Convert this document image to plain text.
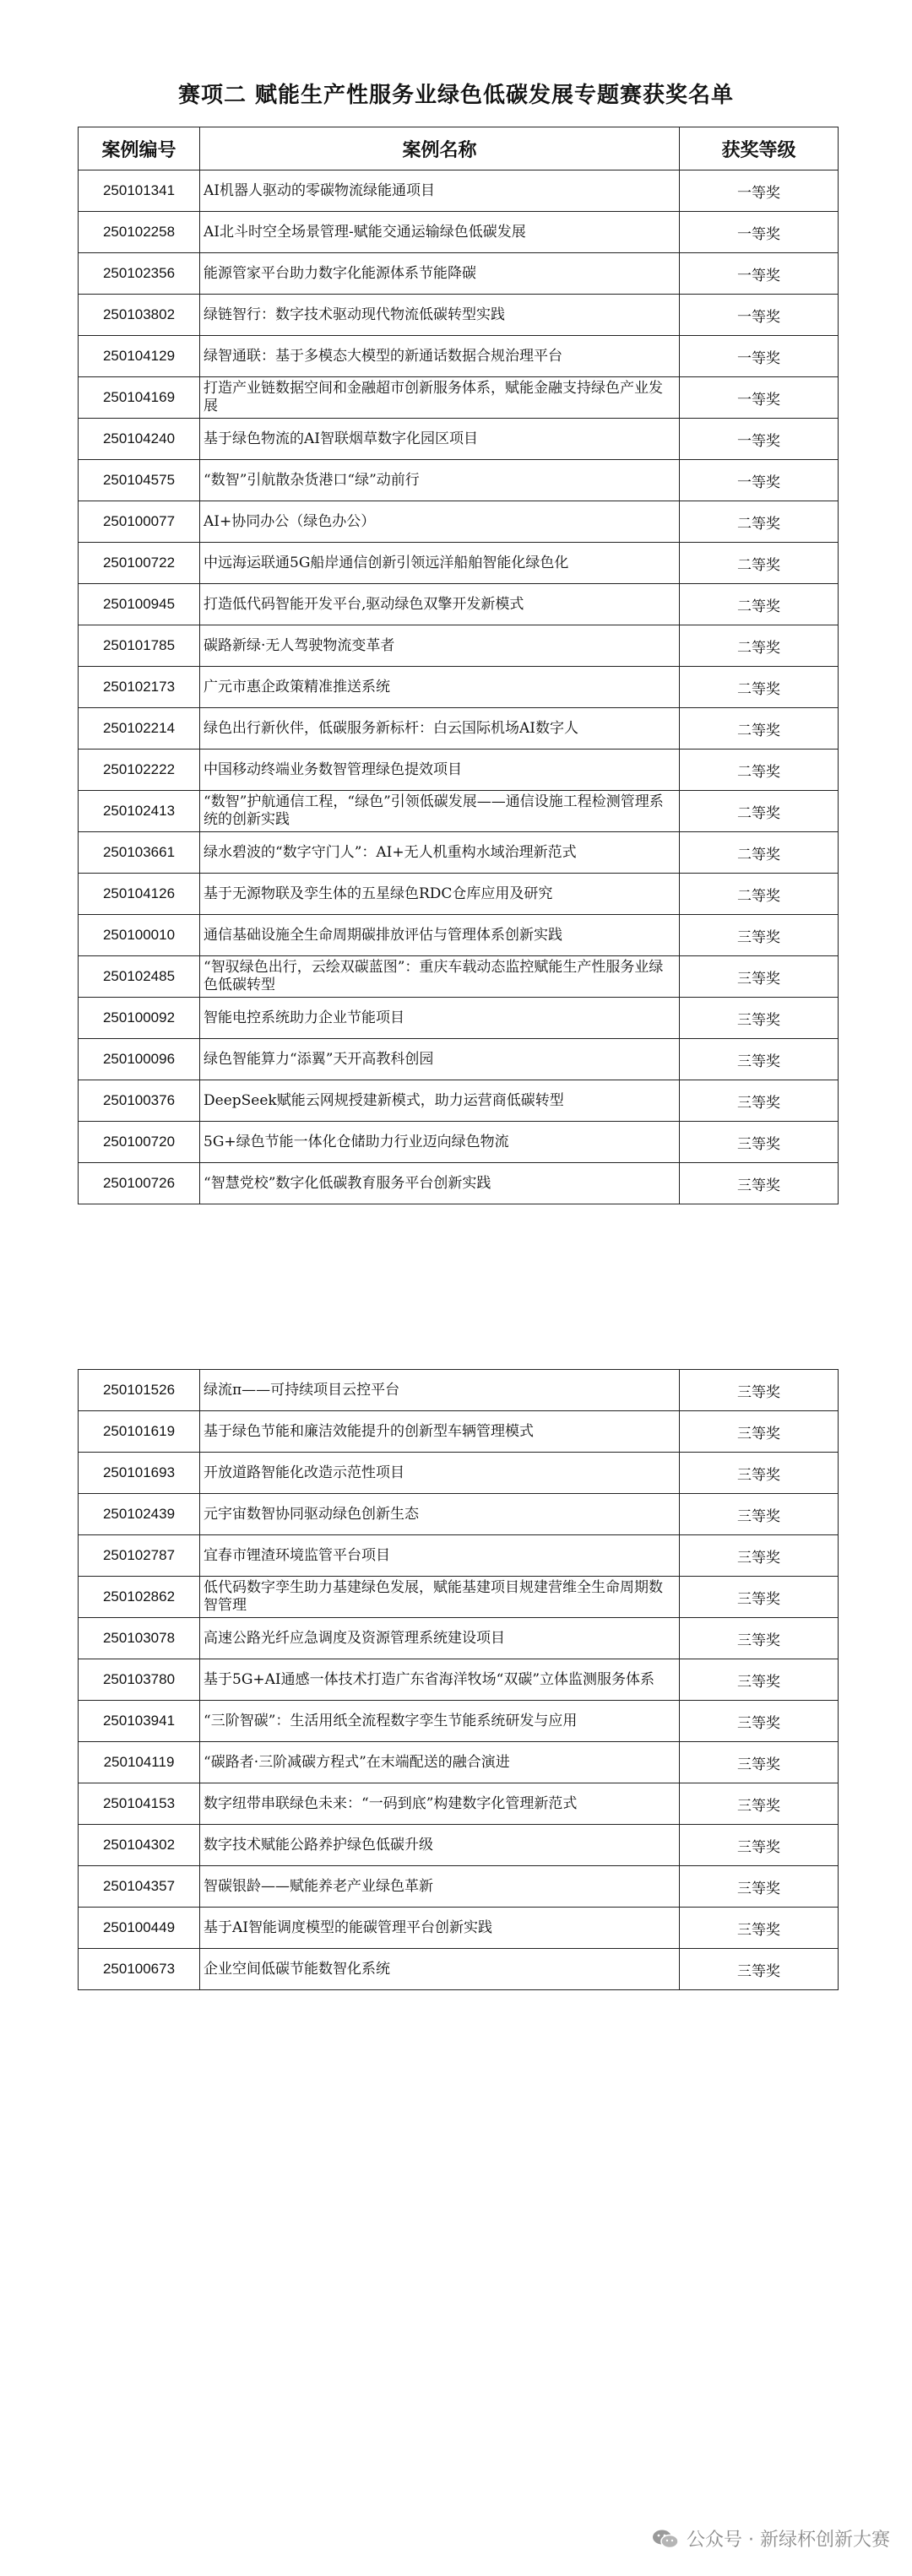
赛项二 赋能生产性服务业绿色低碳发展专题赛获奖名单
案例编号	案例名称	获奖等级
250101341	AI机器人驱动的零碳物流绿能通项目	一等奖
250102258	AI北斗时空全场景管理-赋能交通运输绿色低碳发展	一等奖
250102356	能源管家平台助力数字化能源体系节能降碳	一等奖
250103802	绿链智行：数字技术驱动现代物流低碳转型实践	一等奖
250104129	绿智通联：基于多模态大模型的新通话数据合规治理平台	一等奖
250104169	打造产业链数据空间和金融超市创新服务体系，赋能金融支持绿色产业发展	一等奖
250104240	基于绿色物流的AI智联烟草数字化园区项目	一等奖
250104575	“数智”引航散杂货港口“绿”动前行	一等奖
250100077	AI+协同办公（绿色办公）	二等奖
250100722	中远海运联通5G船岸通信创新引领远洋船舶智能化绿色化	二等奖
250100945	打造低代码智能开发平台,驱动绿色双擎开发新模式	二等奖
250101785	碳路新绿·无人驾驶物流变革者	二等奖
250102173	广元市惠企政策精准推送系统	二等奖
250102214	绿色出行新伙伴，低碳服务新标杆：白云国际机场AI数字人	二等奖
250102222	中国移动终端业务数智管理绿色提效项目	二等奖
250102413	“数智”护航通信工程，“绿色”引领低碳发展——通信设施工程检测管理系统的创新实践	二等奖
250103661	绿水碧波的“数字守门人”：AI+无人机重构水域治理新范式	二等奖
250104126	基于无源物联及孪生体的五星绿色RDC仓库应用及研究	二等奖
250100010	通信基础设施全生命周期碳排放评估与管理体系创新实践	三等奖
250102485	“智驭绿色出行，云绘双碳蓝图”：重庆车载动态监控赋能生产性服务业绿色低碳转型	三等奖
250100092	智能电控系统助力企业节能项目	三等奖
250100096	绿色智能算力“添翼”天开高教科创园	三等奖
250100376	DeepSeek赋能云网规授建新模式，助力运营商低碳转型	三等奖
250100720	5G+绿色节能一体化仓储助力行业迈向绿色物流	三等奖
250100726	“智慧党校”数字化低碳教育服务平台创新实践	三等奖
250101526	绿流π——可持续项目云控平台	三等奖
250101619	基于绿色节能和廉洁效能提升的创新型车辆管理模式	三等奖
250101693	开放道路智能化改造示范性项目	三等奖
250102439	元宇宙数智协同驱动绿色创新生态	三等奖
250102787	宜春市锂渣环境监管平台项目	三等奖
250102862	低代码数字孪生助力基建绿色发展，赋能基建项目规建营维全生命周期数智管理	三等奖
250103078	高速公路光纤应急调度及资源管理系统建设项目	三等奖
250103780	基于5G+AI通感一体技术打造广东省海洋牧场“双碳”立体监测服务体系	三等奖
250103941	“三阶智碳”：生活用纸全流程数字孪生节能系统研发与应用	三等奖
250104119	“碳路者·三阶减碳方程式”在末端配送的融合演进	三等奖
250104153	数字纽带串联绿色未来：“一码到底”构建数字化管理新范式	三等奖
250104302	数字技术赋能公路养护绿色低碳升级	三等奖
250104357	智碳银龄——赋能养老产业绿色革新	三等奖
250100449	基于AI智能调度模型的能碳管理平台创新实践	三等奖
250100673	企业空间低碳节能数智化系统	三等奖
公众号 · 新绿杯创新大赛
